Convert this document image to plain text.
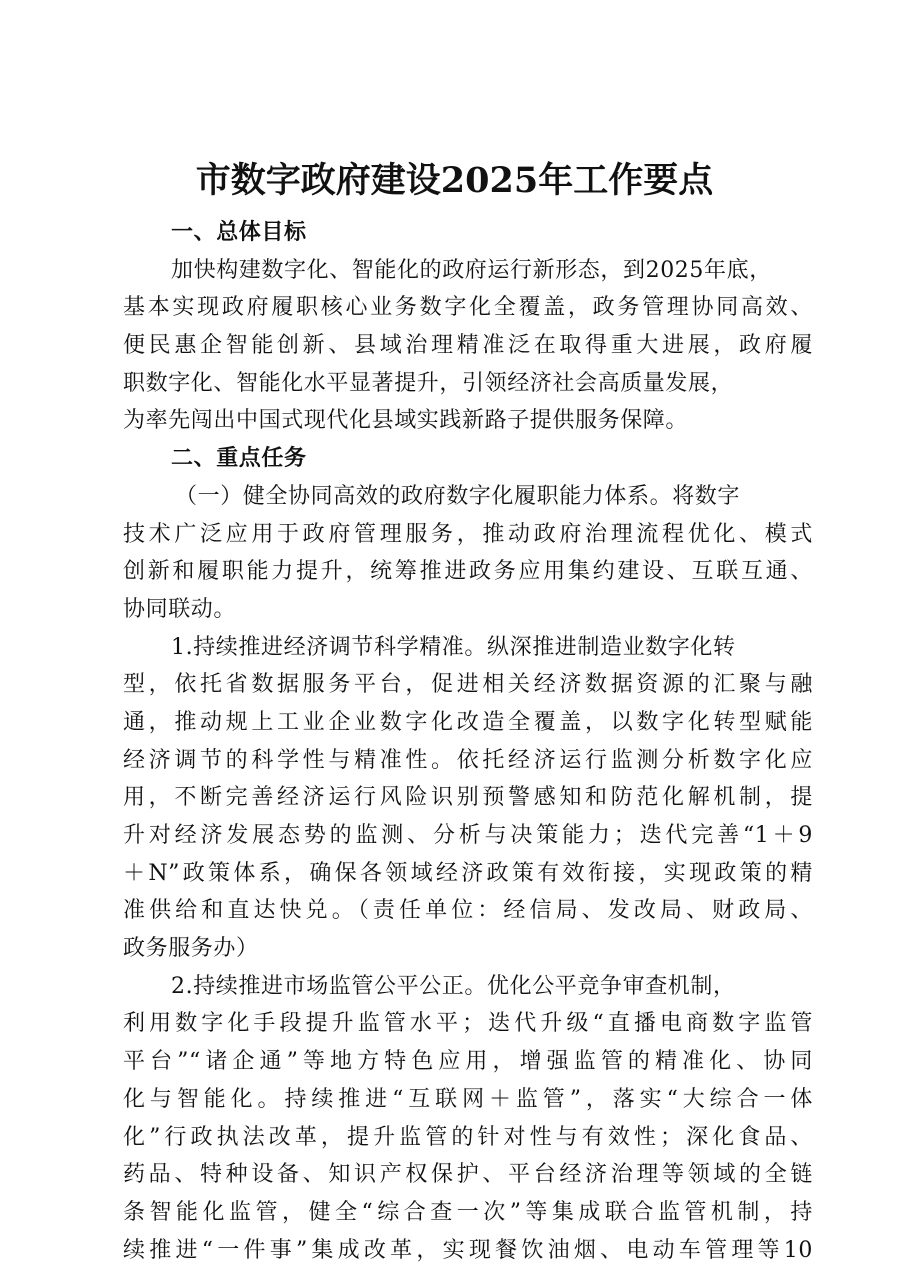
市数字政府建设2025年工作要点
一、总体目标
加快构建数字化、智能化的政府运行新形态，到2025年底，
基本实现政府履职核心业务数字化全覆盖，政务管理协同高效、
便民惠企智能创新、县域治理精准泛在取得重大进展，政府履
职数字化、智能化水平显著提升，引领经济社会高质量发展，
为率先闯出中国式现代化县域实践新路子提供服务保障。
二、重点任务
（一）健全协同高效的政府数字化履职能力体系。将数字
技术广泛应用于政府管理服务，推动政府治理流程优化、模式
创新和履职能力提升，统筹推进政务应用集约建设、互联互通、
协同联动。
1.持续推进经济调节科学精准。纵深推进制造业数字化转
型，依托省数据服务平台，促进相关经济数据资源的汇聚与融
通，推动规上工业企业数字化改造全覆盖，以数字化转型赋能
经济调节的科学性与精准性。依托经济运行监测分析数字化应
用，不断完善经济运行风险识别预警感知和防范化解机制，提
升对经济发展态势的监测、分析与决策能力；迭代完善“1＋9
＋N”政策体系，确保各领域经济政策有效衔接，实现政策的精
准供给和直达快兑。（责任单位：经信局、发改局、财政局、
政务服务办）
2.持续推进市场监管公平公正。优化公平竞争审查机制，
利用数字化手段提升监管水平；迭代升级“直播电商数字监管
平台”“诸企通”等地方特色应用，增强监管的精准化、协同
化与智能化。持续推进“互联网＋监管”，落实“大综合一体
化”行政执法改革，提升监管的针对性与有效性；深化食品、
药品、特种设备、知识产权保护、平台经济治理等领域的全链
条智能化监管，健全“综合查一次”等集成联合监管机制，持
续推进“一件事”集成改革，实现餐饮油烟、电动车管理等10
